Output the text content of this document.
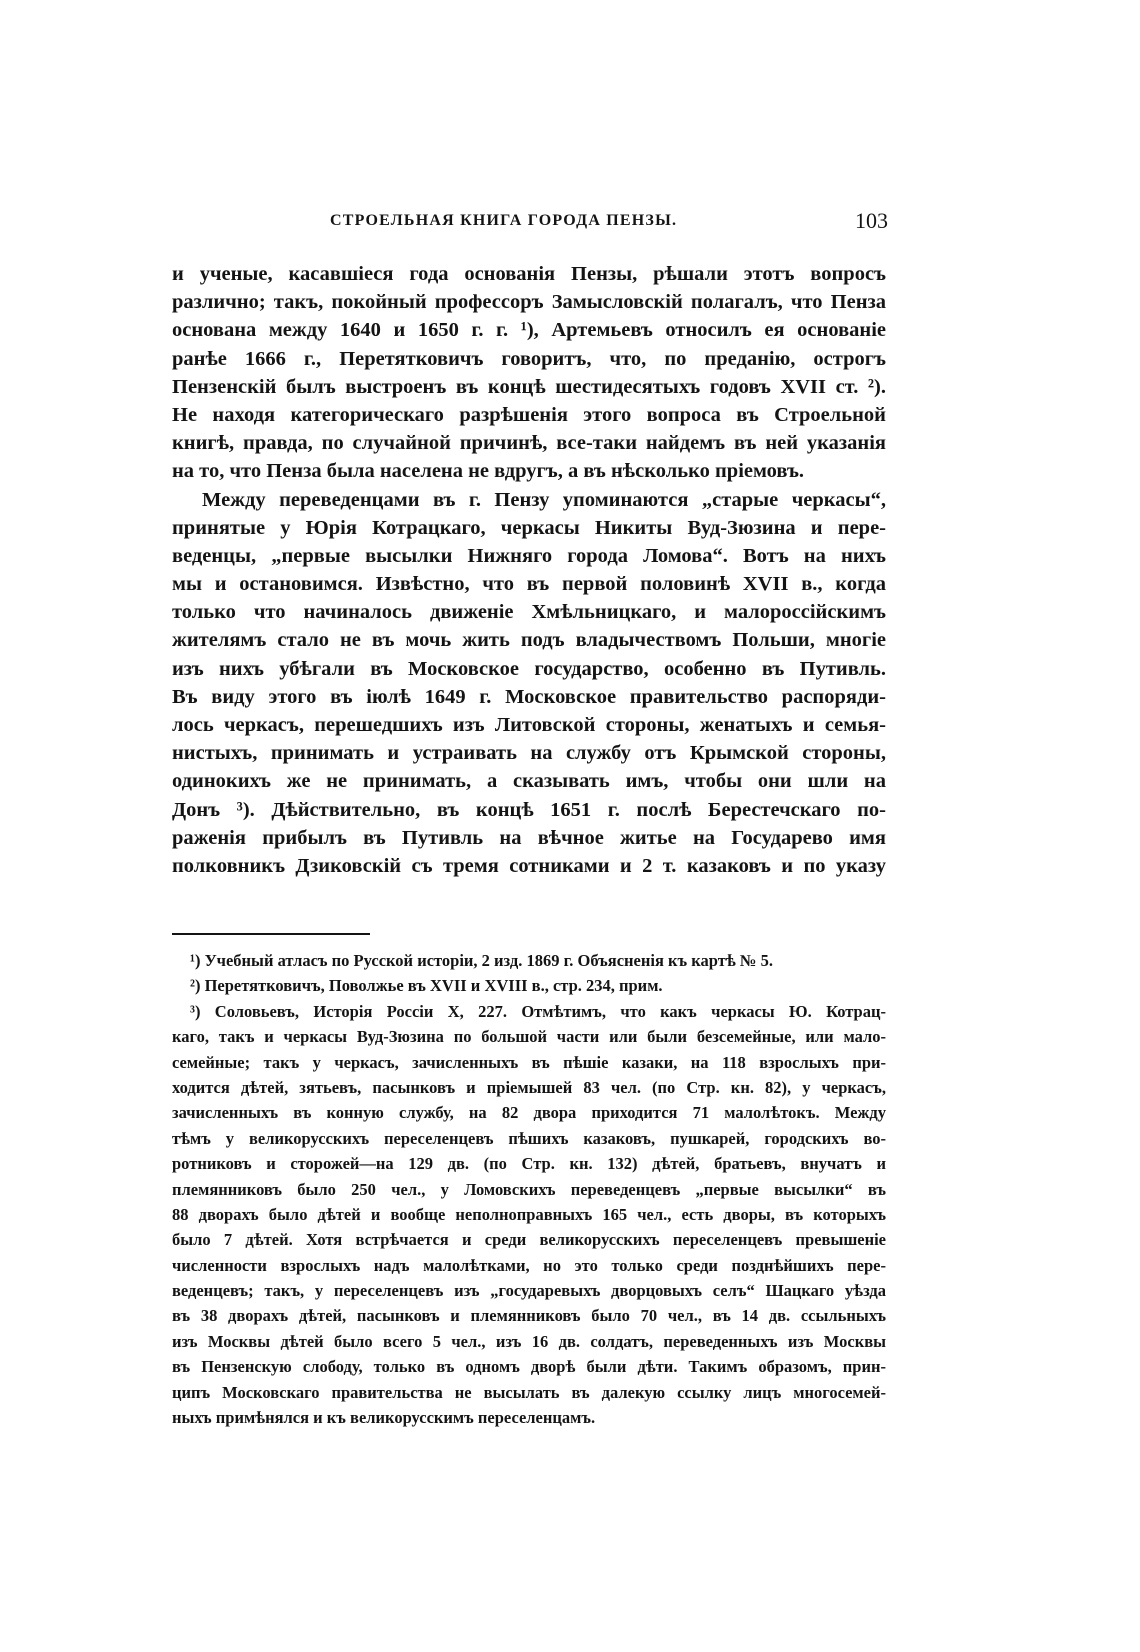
СТРОЕЛЬНАЯ КНИГА ГОРОДА ПЕНЗЫ.	103
и ученые, касавшіеся года основанія Пензы, рѣшали этотъ вопросъ
различно; такъ, покойный профессоръ Замысловскій полагалъ, что Пенза
основана между 1640 и 1650 г. г. ¹), Артемьевъ относилъ ея основаніе
ранѣе 1666 г., Перетятковичъ говоритъ, что, по преданію, острогъ
Пензенскій былъ выстроенъ въ концѣ шестидесятыхъ годовъ XVII ст. ²).
Не находя категорическаго разрѣшенія этого вопроса въ Строельной
книгѣ, правда, по случайной причинѣ, все-таки найдемъ въ ней указанія
на то, что Пенза была населена не вдругъ, а въ нѣсколько пріемовъ.
Между переведенцами въ г. Пензу упоминаются „старые черкасы“,
принятые у Юрія Котрацкаго, черкасы Никиты Вуд-Зюзина и пере-
веденцы, „первые высылки Нижняго города Ломова“. Вотъ на нихъ
мы и остановимся. Извѣстно, что въ первой половинѣ XVII в., когда
только что начиналось движеніе Хмѣльницкаго, и малороссійскимъ
жителямъ стало не въ мочь жить подъ владычествомъ Польши, многіе
изъ нихъ убѣгали въ Московское государство, особенно въ Путивль.
Въ виду этого въ іюлѣ 1649 г. Московское правительство распоряди-
лось черкасъ, перешедшихъ изъ Литовской стороны, женатыхъ и семья-
нистыхъ, принимать и устраивать на службу отъ Крымской стороны,
одинокихъ же не принимать, а сказывать имъ, чтобы они шли на
Донъ ³). Дѣйствительно, въ концѣ 1651 г. послѣ Берестечскаго по-
раженія прибылъ въ Путивль на вѣчное житье на Государево имя
полковникъ Дзиковскій съ тремя сотниками и 2 т. казаковъ и по указу
¹) Учебный атласъ по Русской исторіи, 2 изд. 1869 г. Объясненія къ картѣ № 5.
²) Перетятковичъ, Поволжье въ XVII и XVIII в., стр. 234, прим.
³) Соловьевъ, Исторія Россіи X, 227. Отмѣтимъ, что какъ черкасы Ю. Котрац-
каго, такъ и черкасы Вуд-Зюзина по большой части или были безсемейные, или мало-
семейные; такъ у черкасъ, зачисленныхъ въ пѣшіе казаки, на 118 взрослыхъ при-
ходится дѣтей, зятьевъ, пасынковъ и пріемышей 83 чел. (по Стр. кн. 82), у черкасъ,
зачисленныхъ въ конную службу, на 82 двора приходится 71 малолѣтокъ. Между
тѣмъ у великорусскихъ переселенцевъ пѣшихъ казаковъ, пушкарей, городскихъ во-
ротниковъ и сторожей—на 129 дв. (по Стр. кн. 132) дѣтей, братьевъ, внучатъ и
племянниковъ было 250 чел., у Ломовскихъ переведенцевъ „первые высылки“ въ
88 дворахъ было дѣтей и вообще неполноправныхъ 165 чел., есть дворы, въ которыхъ
было 7 дѣтей. Хотя встрѣчается и среди великорусскихъ переселенцевъ превышеніе
численности взрослыхъ надъ малолѣтками, но это только среди позднѣйшихъ пере-
веденцевъ; такъ, у переселенцевъ изъ „государевыхъ дворцовыхъ селъ“ Шацкаго уѣзда
въ 38 дворахъ дѣтей, пасынковъ и племянниковъ было 70 чел., въ 14 дв. ссыльныхъ
изъ Москвы дѣтей было всего 5 чел., изъ 16 дв. солдатъ, переведенныхъ изъ Москвы
въ Пензенскую слободу, только въ одномъ дворѣ были дѣти. Такимъ образомъ, прин-
ципъ Московскаго правительства не высылать въ далекую ссылку лицъ многосемей-
ныхъ примѣнялся и къ великорусскимъ переселенцамъ.
